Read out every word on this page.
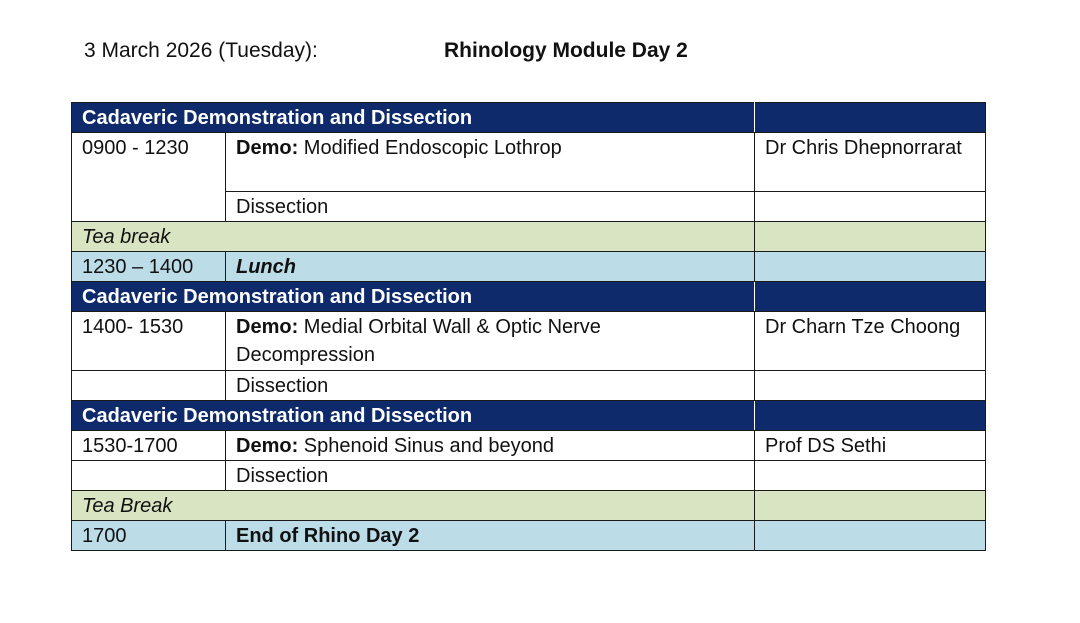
3 March 2026 (Tuesday):	Rhinology Module Day 2
Cadaveric Demonstration and Dissection		
0900 - 1230	Demo: Modified Endoscopic Lothrop	Dr Chris Dhepnorrarat
	Dissection	
Tea break		
1230 – 1400	Lunch	
Cadaveric Demonstration and Dissection		
1400- 1530	Demo: Medial Orbital Wall & Optic Nerve Decompression	Dr Charn Tze Choong
	Dissection	
Cadaveric Demonstration and Dissection		
1530-1700	Demo: Sphenoid Sinus and beyond	Prof DS Sethi
	Dissection	
Tea Break		
1700	End of Rhino Day 2	
